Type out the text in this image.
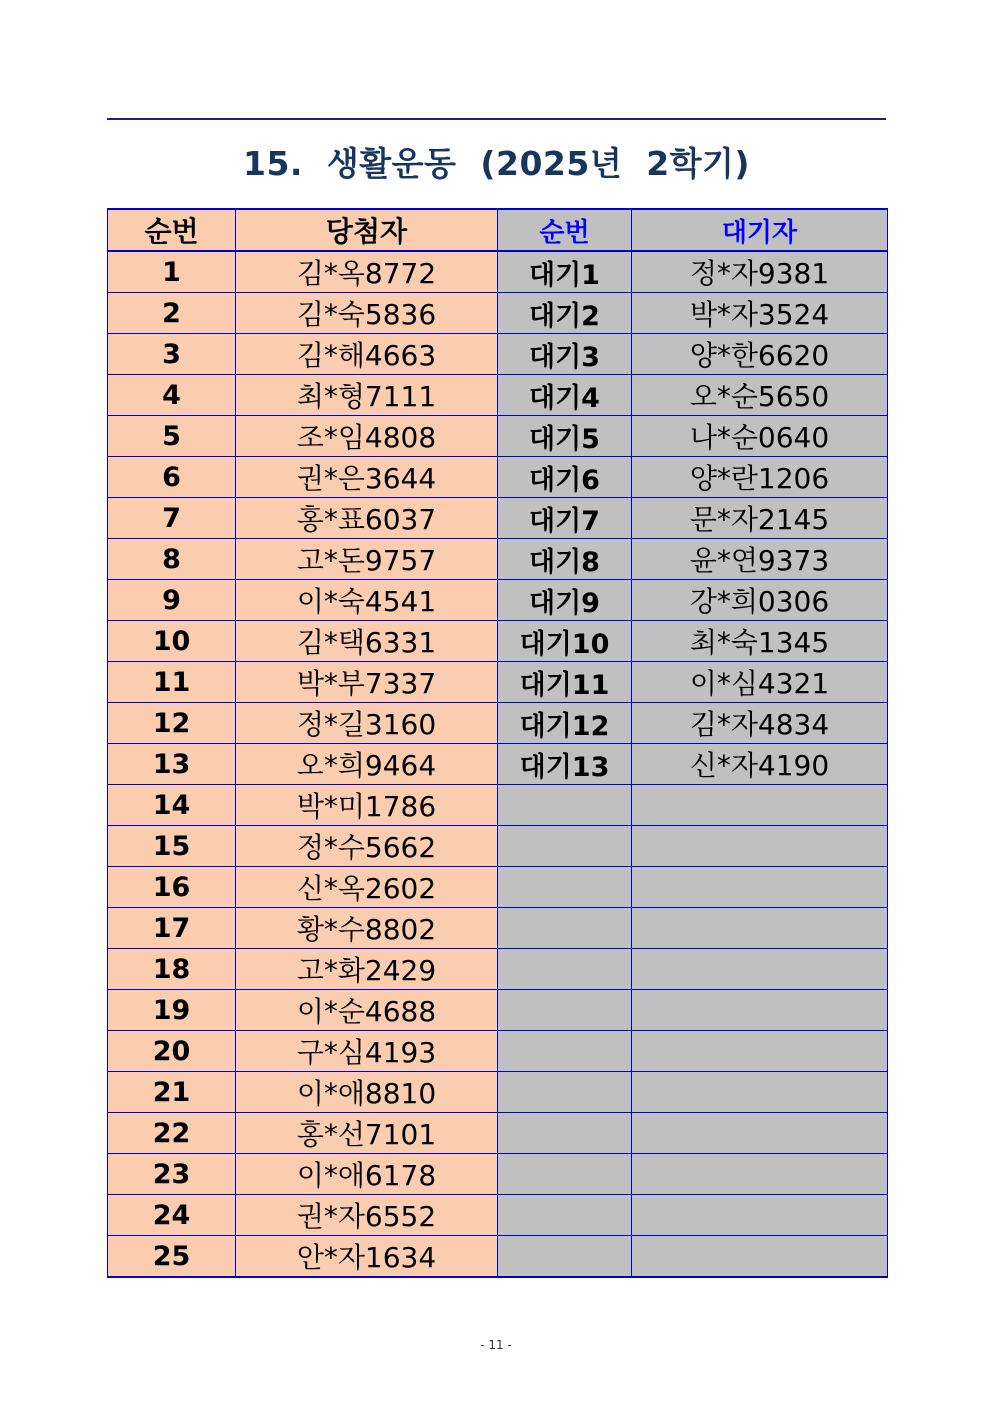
15.  생활운동  (2025년  2학기)
순번	당첨자	순번	대기자
1	김*옥8772	대기1	정*자9381
2	김*숙5836	대기2	박*자3524
3	김*해4663	대기3	양*한6620
4	최*형7111	대기4	오*순5650
5	조*임4808	대기5	나*순0640
6	권*은3644	대기6	양*란1206
7	홍*표6037	대기7	문*자2145
8	고*돈9757	대기8	윤*연9373
9	이*숙4541	대기9	강*희0306
10	김*택6331	대기10	최*숙1345
11	박*부7337	대기11	이*심4321
12	정*길3160	대기12	김*자4834
13	오*희9464	대기13	신*자4190
14	박*미1786		
15	정*수5662		
16	신*옥2602		
17	황*수8802		
18	고*화2429		
19	이*순4688		
20	구*심4193		
21	이*애8810		
22	홍*선7101		
23	이*애6178		
24	권*자6552		
25	안*자1634		
- 11 -
